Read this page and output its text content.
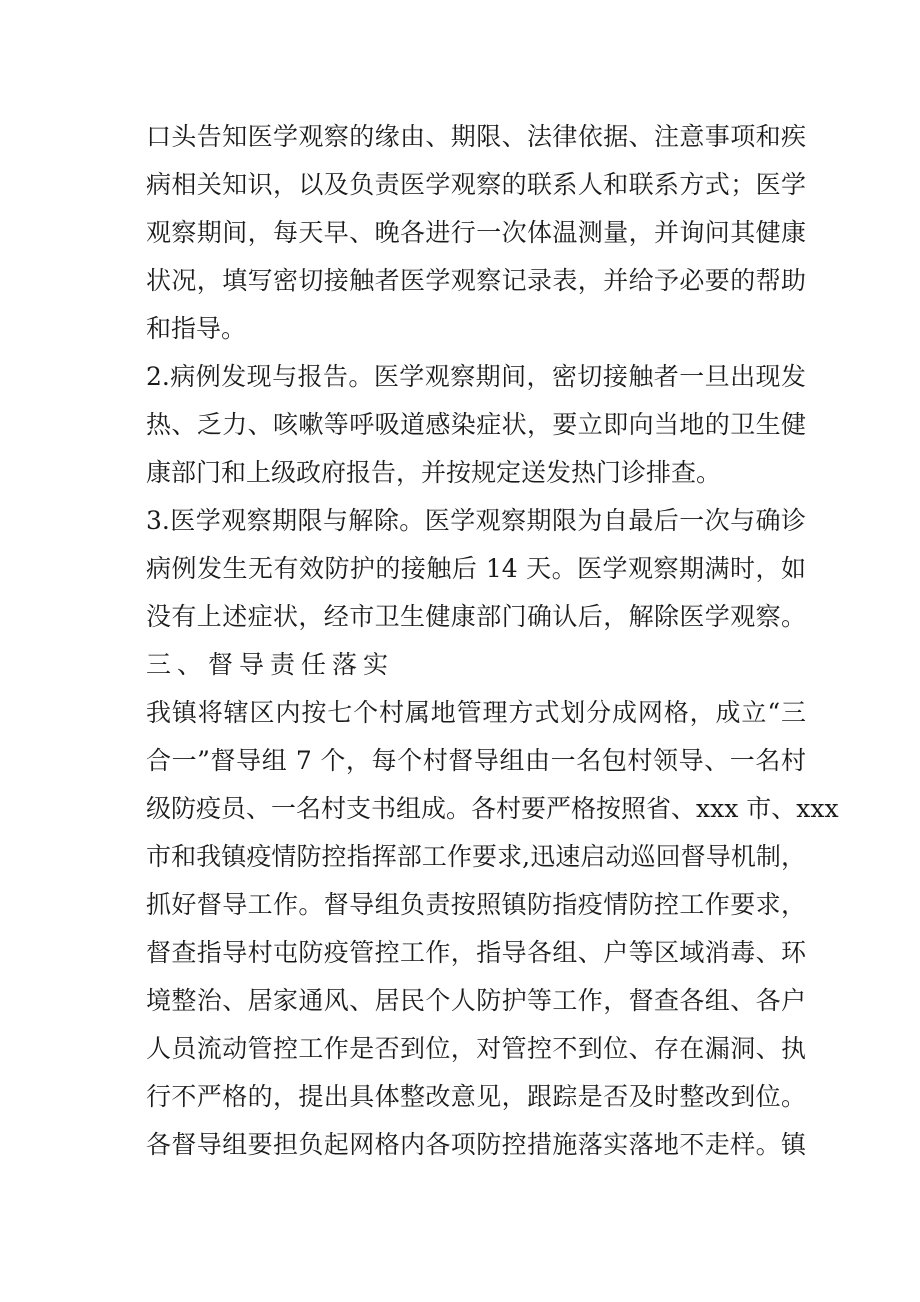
口头告知医学观察的缘由、期限、法律依据、注意事项和疾
病相关知识，以及负责医学观察的联系人和联系方式；医学
观察期间，每天早、晚各进行一次体温测量，并询问其健康
状况，填写密切接触者医学观察记录表，并给予必要的帮助
和指导。
2.病例发现与报告。医学观察期间，密切接触者一旦出现发
热、乏力、咳嗽等呼吸道感染症状，要立即向当地的卫生健
康部门和上级政府报告，并按规定送发热门诊排查。
3.医学观察期限与解除。医学观察期限为自最后一次与确诊
病例发生无有效防护的接触后 14 天。医学观察期满时，如
没有上述症状，经市卫生健康部门确认后，解除医学观察。
三、督导责任落实
我镇将辖区内按七个村属地管理方式划分成网格，成立“三
合一”督导组 7 个，每个村督导组由一名包村领导、一名村
级防疫员、一名村支书组成。各村要严格按照省、xxx 市、xxx
市和我镇疫情防控指挥部工作要求,迅速启动巡回督导机制，
抓好督导工作。督导组负责按照镇防指疫情防控工作要求，
督查指导村屯防疫管控工作，指导各组、户等区域消毒、环
境整治、居家通风、居民个人防护等工作，督查各组、各户
人员流动管控工作是否到位，对管控不到位、存在漏洞、执
行不严格的，提出具体整改意见，跟踪是否及时整改到位。
各督导组要担负起网格内各项防控措施落实落地不走样。镇
